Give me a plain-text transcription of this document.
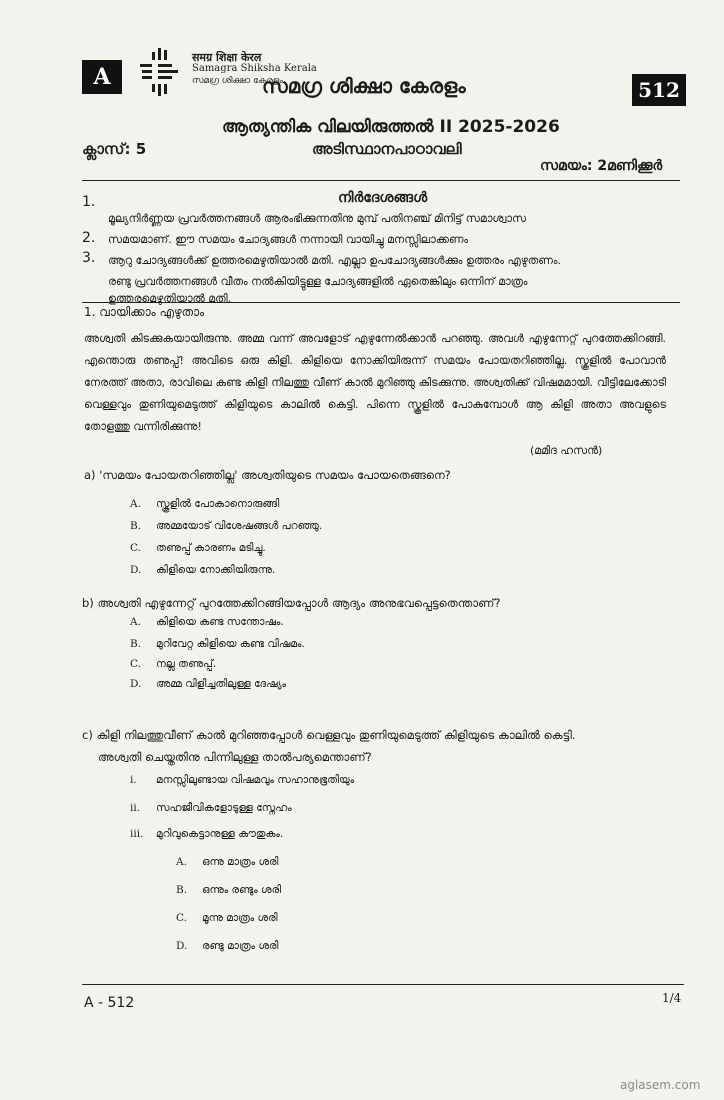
A
समग्र शिक्षा केरल
Samagra Shiksha Kerala
സമഗ്ര ശിക്ഷാ കേരളം
സമഗ്ര ശിക്ഷാ കേരളം	512
ആത്യന്തിക വിലയിരുത്തൽ II 2025-2026
ക്ലാസ്: 5	അടിസ്ഥാനപാഠാവലി
സമയം: 2മണിക്കൂർ
നിർദേശങ്ങൾ
1.
മൂല്യനിർണ്ണയ പ്രവർത്തനങ്ങൾ ആരംഭിക്കുന്നതിനു മുമ്പ് പതിനഞ്ച് മിനിട്ട് സമാശ്വാസ
സമയമാണ്. ഈ സമയം ചോദ്യങ്ങൾ നന്നായി വായിച്ചു മനസ്സിലാക്കണം
2.
ആറു ചോദ്യങ്ങൾക്ക് ഉത്തരമെഴുതിയാൽ മതി. എല്ലാ ഉപചോദ്യങ്ങൾക്കും ഉത്തരം എഴുതണം.
3.
രണ്ടു പ്രവർത്തനങ്ങൾ വീതം നൽകിയിട്ടുള്ള ചോദ്യങ്ങളിൽ ഏതെങ്കിലും ഒന്നിന് മാത്രം
ഉത്തരമെഴുതിയാൽ മതി.
1. വായിക്കാം എഴുതാം
അശ്വതി കിടക്കുകയായിരുന്നു. അമ്മ വന്ന് അവളോട് എഴുന്നേൽക്കാൻ പറഞ്ഞു. അവൾ എഴുന്നേറ്റ് പുറത്തേക്കിറങ്ങി. എന്തൊരു തണുപ്പ്! അവിടെ ഒരു കിളി. കിളിയെ നോക്കിയിരുന്ന് സമയം പോയതറിഞ്ഞില്ല. സ്കൂളിൽ പോവാൻ നേരത്ത് അതാ, രാവിലെ കണ്ട കിളി നിലത്തു വീണ് കാൽ മുറിഞ്ഞു കിടക്കുന്നു. അശ്വതിക്ക് വിഷമമായി. വീട്ടിലേക്കോടി വെള്ളവും തുണിയുമെടുത്ത് കിളിയുടെ കാലിൽ കെട്ടി. പിന്നെ സ്കൂളിൽ പോകുമ്പോൾ ആ കിളി അതാ അവളുടെ തോളത്തു വന്നിരിക്കുന്നു!
(മമിദ ഹസൻ)
a) 'സമയം പോയതറിഞ്ഞില്ല' അശ്വതിയുടെ സമയം പോയതെങ്ങനെ?
A. സ്കൂളിൽ പോകാനൊരുങ്ങി
B. അമ്മയോട് വിശേഷങ്ങൾ പറഞ്ഞു.
C. തണുപ്പ് കാരണം മടിച്ചു.
D. കിളിയെ നോക്കിയിരുന്നു.
b) അശ്വതി എഴുന്നേറ്റ് പുറത്തേക്കിറങ്ങിയപ്പോൾ ആദ്യം അനുഭവപ്പെട്ടതെന്താണ്?
A. കിളിയെ കണ്ട സന്തോഷം.
B. മുറിവേറ്റ കിളിയെ കണ്ട വിഷമം.
C. നല്ല തണുപ്പ്.
D. അമ്മ വിളിച്ചതിലുള്ള ദേഷ്യം
c) കിളി നിലത്തുവീണ് കാൽ മുറിഞ്ഞപ്പോൾ വെള്ളവും തുണിയുമെടുത്ത് കിളിയുടെ കാലിൽ കെട്ടി.
അശ്വതി ചെയ്തതിനു പിന്നിലുള്ള താൽപര്യമെന്താണ്?
i. മനസ്സിലുണ്ടായ വിഷമവും സഹാനുഭൂതിയും
ii. സഹജീവികളോടുള്ള സ്നേഹം
iii. മുറിവുകെട്ടാനുള്ള കൗതുകം.
A. ഒന്നു മാത്രം ശരി
B. ഒന്നും രണ്ടും ശരി
C. മൂന്നു മാത്രം ശരി
D. രണ്ടു മാത്രം ശരി
A - 512	1/4
aglasem.com
